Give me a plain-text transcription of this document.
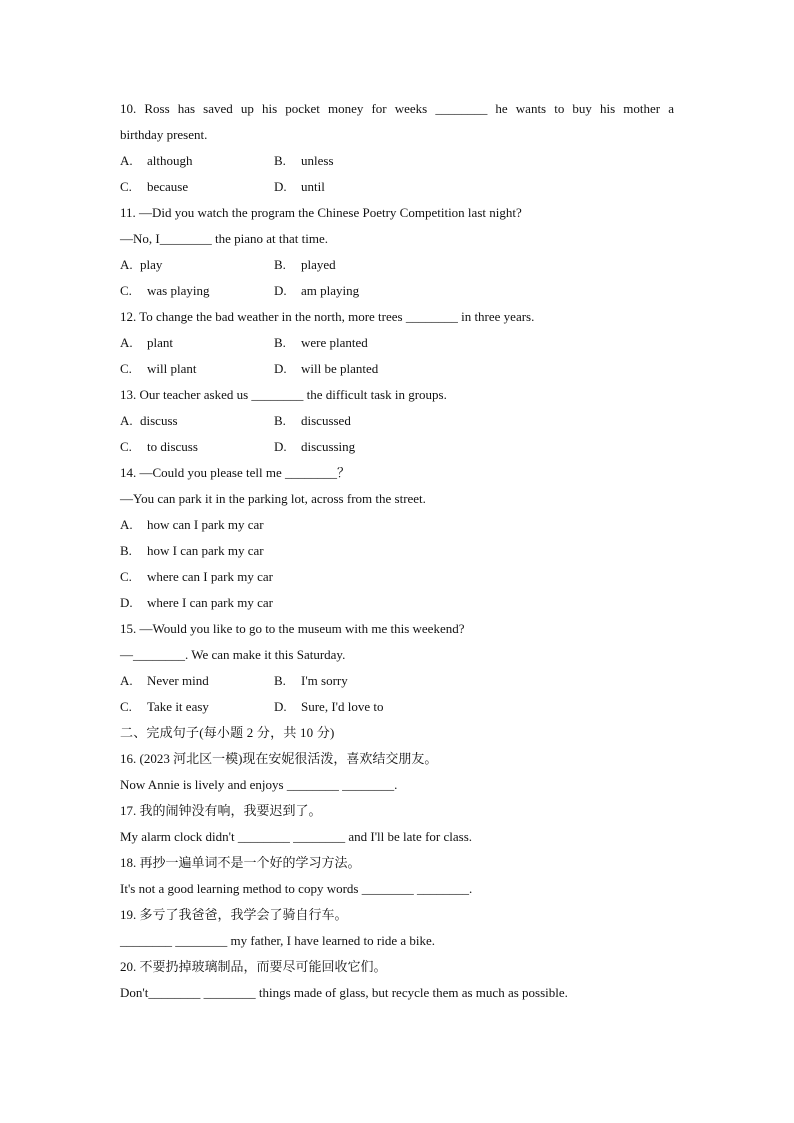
10. Ross has saved up his pocket money for weeks ________ he wants to buy his mother a
birthday present.
A. although	B. unless
C. because	D. until
11. —Did you watch the program the Chinese Poetry Competition last night?
—No, I________ the piano at that time.
A. play	B. played
C. was playing	D. am playing
12. To change the bad weather in the north, more trees ________ in three years.
A. plant	B. were planted
C. will plant	D. will be planted
13. Our teacher asked us ________ the difficult task in groups.
A. discuss	B. discussed
C. to discuss	D. discussing
14. —Could you please tell me ________？
—You can park it in the parking lot, across from the street.
A. how can I park my car
B. how I can park my car
C. where can I park my car
D. where I can park my car
15. —Would you like to go to the museum with me this weekend?
—________. We can make it this Saturday.
A. Never mind	B. I'm sorry
C. Take it easy	D. Sure, I'd love to
二、完成句子(每小题 2 分，共 10 分)
16. (2023 河北区一模)现在安妮很活泼，喜欢结交朋友。
Now Annie is lively and enjoys ________ ________.
17. 我的闹钟没有响，我要迟到了。
My alarm clock didn't ________ ________ and I'll be late for class.
18. 再抄一遍单词不是一个好的学习方法。
It's not a good learning method to copy words ________ ________.
19. 多亏了我爸爸，我学会了骑自行车。
________ ________ my father, I have learned to ride a bike.
20. 不要扔掉玻璃制品，而要尽可能回收它们。
Don't________ ________ things made of glass, but recycle them as much as possible.
